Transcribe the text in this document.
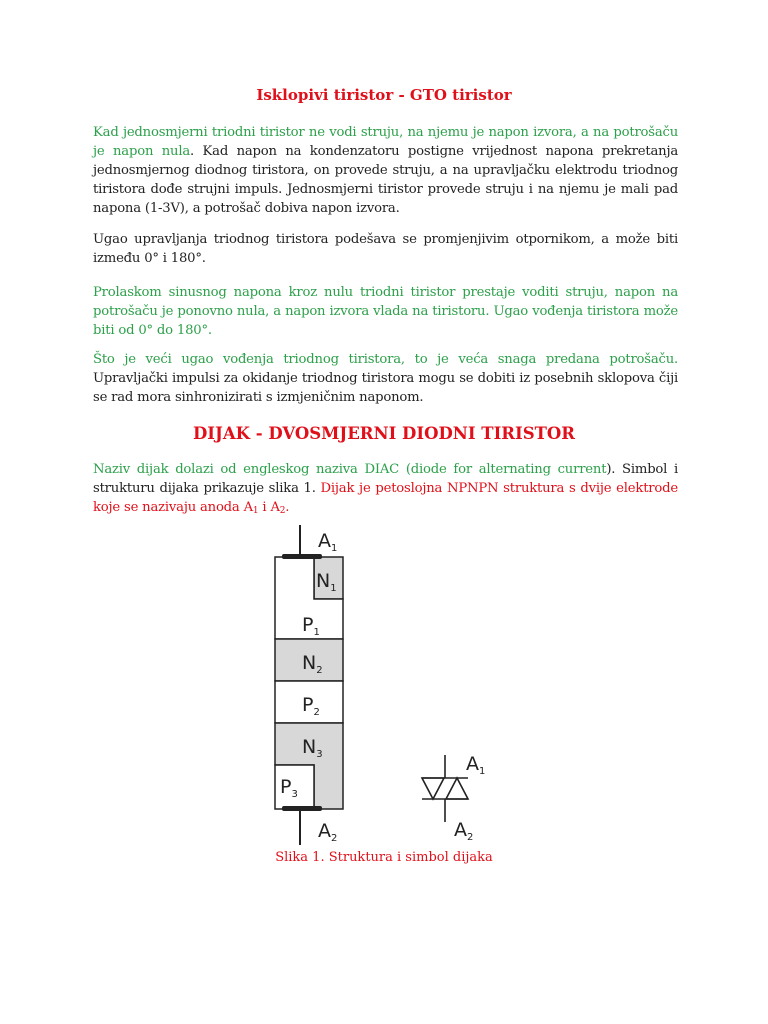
Isklopivi tiristor - GTO tiristor
Kad jednosmjerni triodni tiristor ne vodi struju, na njemu je napon izvora, a na potrošaču je napon nula. Kad napon na kondenzatoru postigne vrijednost napona prekretanja jednosmjernog diodnog tiristora, on provede struju, a na upravljačku elektrodu triodnog tiristora dođe strujni impuls. Jednosmjerni tiristor provede struju i na njemu je mali pad napona (1-3V), a potrošač dobiva napon izvora.
Ugao upravljanja triodnog tiristora podešava se promjenjivim otpornikom, a može biti između 0° i 180°.
Prolaskom sinusnog napona kroz nulu triodni tiristor prestaje voditi struju, napon na potrošaču je ponovno nula, a napon izvora vlada na tiristoru. Ugao vođenja tiristora može biti od 0° do 180°.
Što je veći ugao vođenja triodnog tiristora, to je veća snaga predana potrošaču. Upravljački impulsi za okidanje triodnog tiristora mogu se dobiti iz posebnih sklopova čiji se rad mora sinhronizirati s izmjeničnim naponom.
DIJAK - DVOSMJERNI DIODNI TIRISTOR
Naziv dijak dolazi od engleskog naziva DIAC (diode for alternating current). Simbol i strukturu dijaka prikazuje slika 1. Dijak je petoslojna NPNPN struktura s dvije elektrode koje se nazivaju anoda $A_1$ i $A_2$.
$A_1$
$N_1$
$P_1$
$N_2$
$P_2$
$N_3$
$P_3$
$A_2$
$A_1$
$A_2$
Slika 1. Struktura i simbol dijaka
